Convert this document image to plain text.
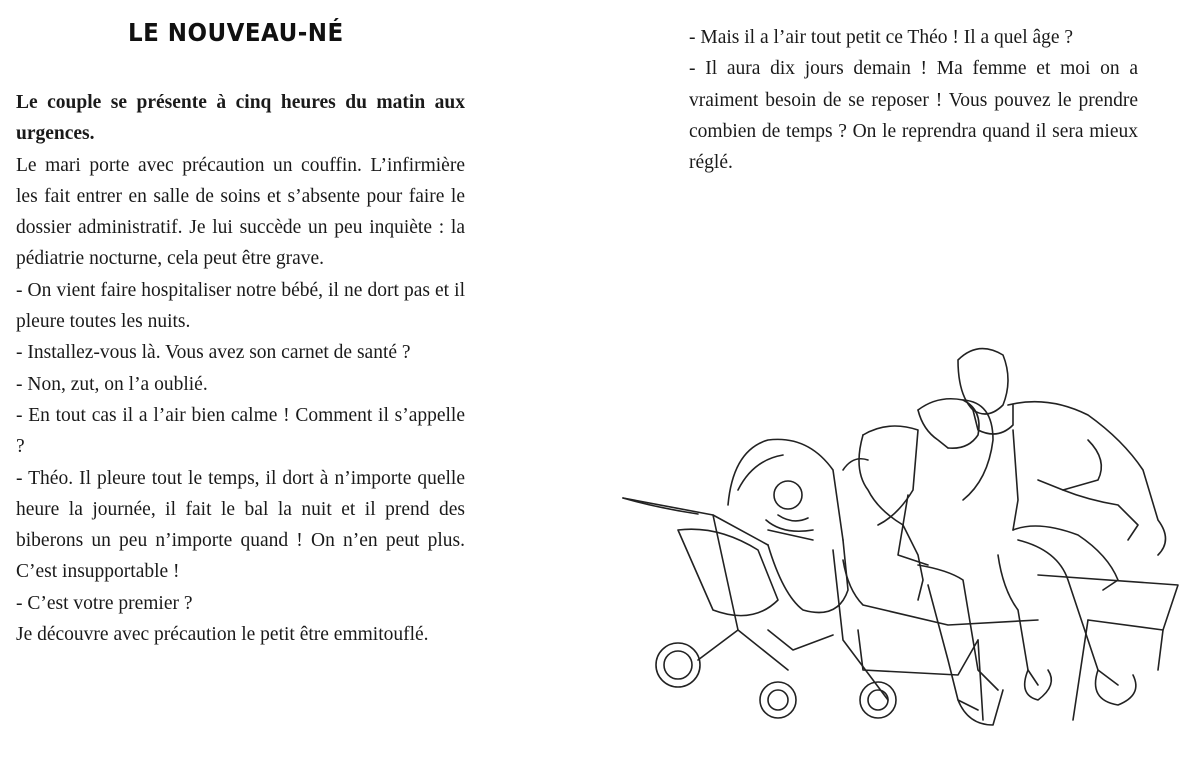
LE NOUVEAU-NÉ

Le couple se présente à cinq heures du matin aux urgences.

Le mari porte avec précaution un couffin. L’infirmière les fait entrer en salle de soins et s’absente pour faire le dossier administratif. Je lui succède un peu inquiète : la pédiatrie nocturne, cela peut être grave.

- On vient faire hospitaliser notre bébé, il ne dort pas et il pleure toutes les nuits.

- Installez-vous là. Vous avez son carnet de santé ?

- Non, zut, on l’a oublié.

- En tout cas il a l’air bien calme ! Comment il s’appelle ?

- Théo. Il pleure tout le temps, il dort à n’importe quelle heure la journée, il fait le bal la nuit et il prend des biberons un peu n’importe quand ! On n’en peut plus. C’est insupportable !

- C’est votre premier ?

Je découvre avec précaution le petit être emmitouflé.

- Mais il a l’air tout petit ce Théo ! Il a quel âge ?

- Il aura dix jours demain ! Ma femme et moi on a vraiment besoin de se reposer ! Vous pouvez le prendre combien de temps ? On le reprendra quand il sera mieux réglé.
